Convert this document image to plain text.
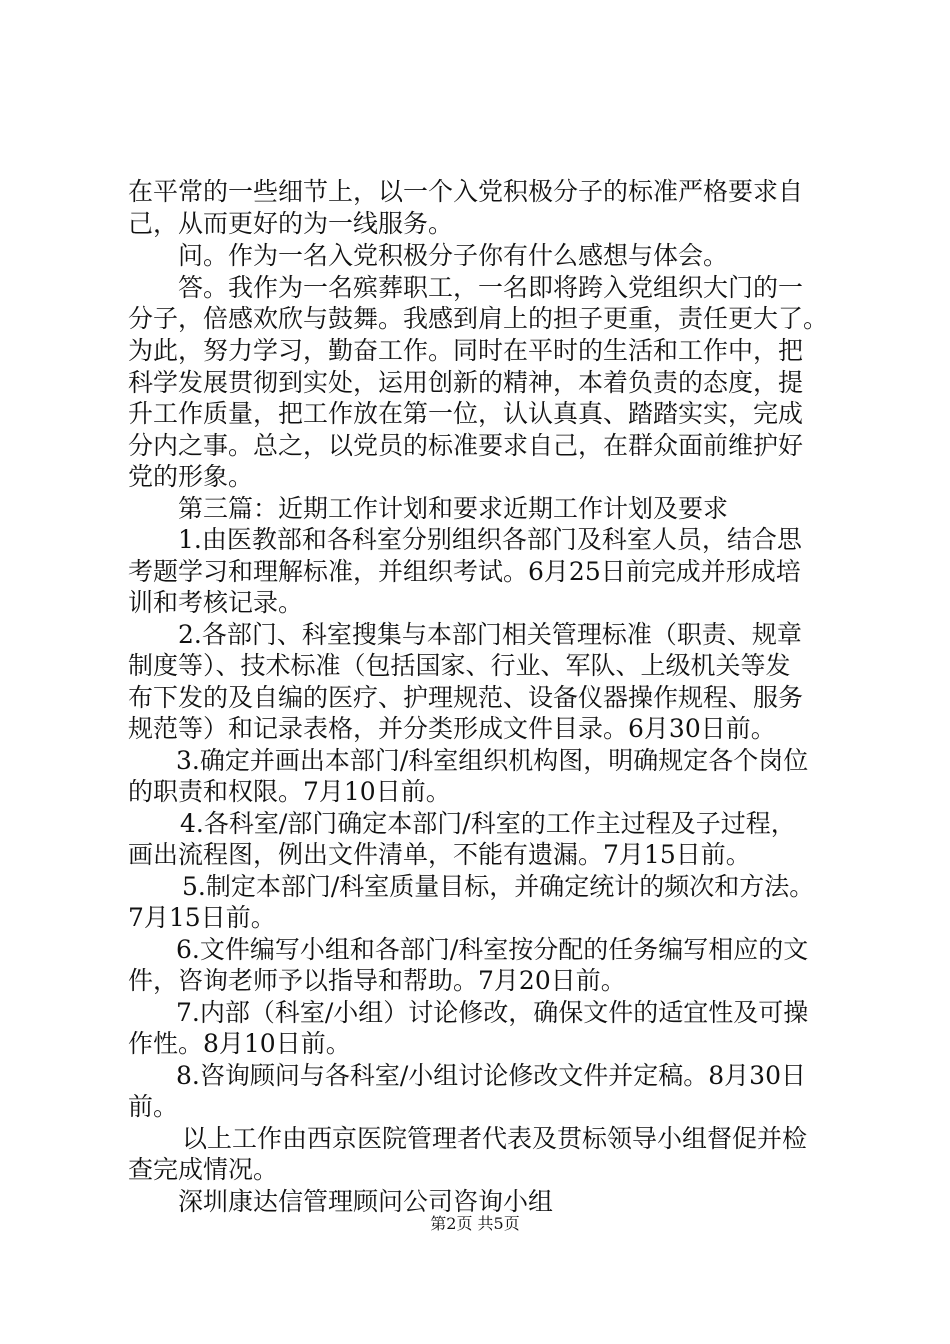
在平常的一些细节上，以一个入党积极分子的标准严格要求自
己，从而更好的为一线服务。
问。作为一名入党积极分子你有什么感想与体会。
答。我作为一名殡葬职工，一名即将跨入党组织大门的一
分子，倍感欢欣与鼓舞。我感到肩上的担子更重，责任更大了。
为此，努力学习，勤奋工作。同时在平时的生活和工作中，把
科学发展贯彻到实处，运用创新的精神，本着负责的态度，提
升工作质量，把工作放在第一位，认认真真、踏踏实实，完成
分内之事。总之，以党员的标准要求自己，在群众面前维护好
党的形象。
第三篇：近期工作计划和要求近期工作计划及要求
1.由医教部和各科室分别组织各部门及科室人员，结合思
考题学习和理解标准，并组织考试。6月25日前完成并形成培
训和考核记录。
2.各部门、科室搜集与本部门相关管理标准（职责、规章
制度等）、技术标准（包括国家、行业、军队、上级机关等发
布下发的及自编的医疗、护理规范、设备仪器操作规程、服务
规范等）和记录表格，并分类形成文件目录。6月30日前。
3.确定并画出本部门/科室组织机构图，明确规定各个岗位
的职责和权限。7月10日前。
4.各科室/部门确定本部门/科室的工作主过程及子过程，
画出流程图，例出文件清单，不能有遗漏。7月15日前。
5.制定本部门/科室质量目标，并确定统计的频次和方法。
7月15日前。
6.文件编写小组和各部门/科室按分配的任务编写相应的文
件，咨询老师予以指导和帮助。7月20日前。
7.内部（科室/小组）讨论修改，确保文件的适宜性及可操
作性。8月10日前。
8.咨询顾问与各科室/小组讨论修改文件并定稿。8月30日
前。
以上工作由西京医院管理者代表及贯标领导小组督促并检
查完成情况。
深圳康达信管理顾问公司咨询小组
第2页 共5页
